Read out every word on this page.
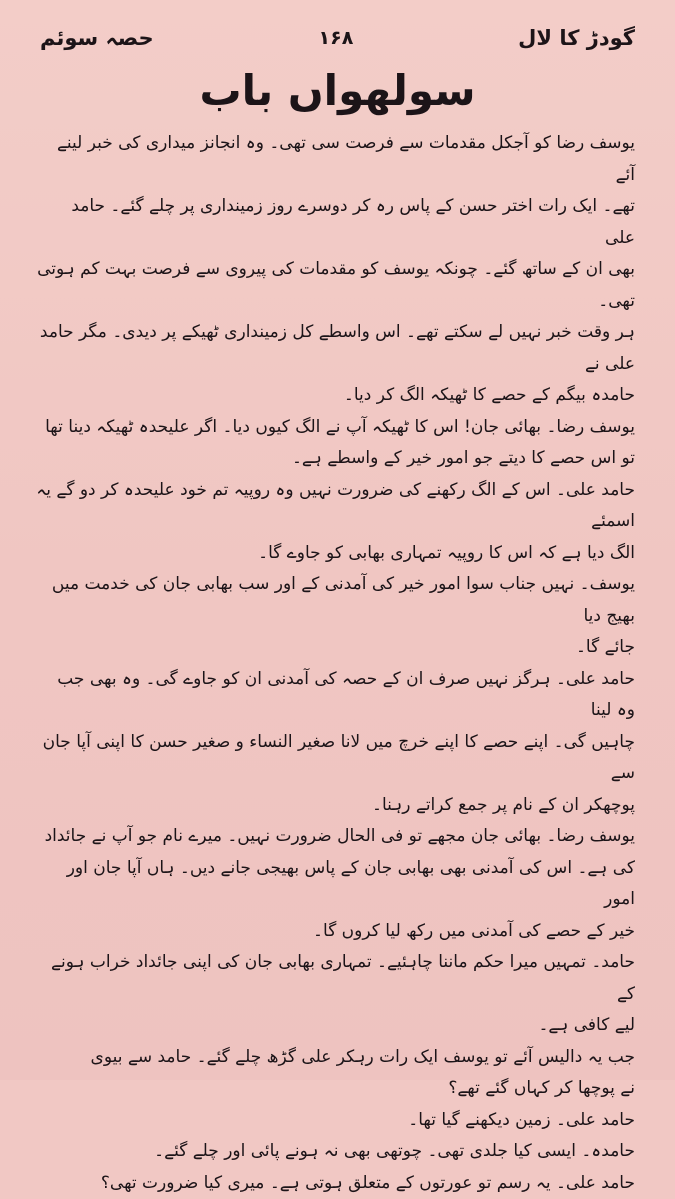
گودڑ کا لال
۱۶۸
حصہ سوئم
سولھواں باب

یوسف رضا کو آجکل مقدمات سے فرصت سی تھی۔ وہ انجانز میداری کی خبر لینے آئے

تھے۔ ایک رات اختر حسن کے پاس رہ کر دوسرے روز زمینداری پر چلے گئے۔ حامد علی

بھی ان کے ساتھ گئے۔ چونکہ یوسف کو مقدمات کی پیروی سے فرصت بہت کم ہوتی تھی۔

ہر وقت خبر نہیں لے سکتے تھے۔ اس واسطے کل زمینداری ٹھیکے پر دیدی۔ مگر حامد علی نے

حامدہ بیگم کے حصے کا ٹھیکہ الگ کر دیا۔

یوسف رضا۔ بھائی جان! اس کا ٹھیکہ آپ نے الگ کیوں دیا۔ اگر علیحدہ ٹھیکہ دینا تھا

تو اس حصے کا دیتے جو امور خیر کے واسطے ہے۔

حامد علی۔ اس کے الگ رکھنے کی ضرورت نہیں وہ روپیہ تم خود علیحدہ کر دو گے یہ اسمئے

الگ دیا ہے کہ اس کا روپیہ تمہاری بھابی کو جاوے گا۔

یوسف۔ نہیں جناب سوا امور خیر کی آمدنی کے اور سب بھابی جان کی خدمت میں بھیج دیا

جائے گا۔

حامد علی۔ ہرگز نہیں صرف ان کے حصہ کی آمدنی ان کو جاوے گی۔ وہ بھی جب وہ لینا

چاہیں گی۔ اپنے حصے کا اپنے خرچ میں لانا صغیر النساء و صغیر حسن کا اپنی آپا جان سے

پوچھکر ان کے نام پر جمع کراتے رہنا۔

یوسف رضا۔ بھائی جان مجھے تو فی الحال ضرورت نہیں۔ میرے نام جو آپ نے جائداد

کی ہے۔ اس کی آمدنی بھی بھابی جان کے پاس بھیجی جانے دیں۔ ہاں آپا جان اور امور

خیر کے حصے کی آمدنی میں رکھ لیا کروں گا۔

حامد۔ تمہیں میرا حکم ماننا چاہئیے۔ تمہاری بھابی جان کی اپنی جائداد خراب ہونے کے

لیے کافی ہے۔

جب یہ دالیس آئے تو یوسف ایک رات رہکر علی گڑھ چلے گئے۔ حامد سے بیوی

نے پوچھا کر کہاں گئے تھے؟

حامد علی۔ زمین دیکھنے گیا تھا۔

حامدہ۔ ایسی کیا جلدی تھی۔ چوتھی بھی نہ ہونے پائی اور چلے گئے۔

حامد علی۔ یہ رسم تو عورتوں کے متعلق ہوتی ہے۔ میری کیا ضرورت تھی؟
